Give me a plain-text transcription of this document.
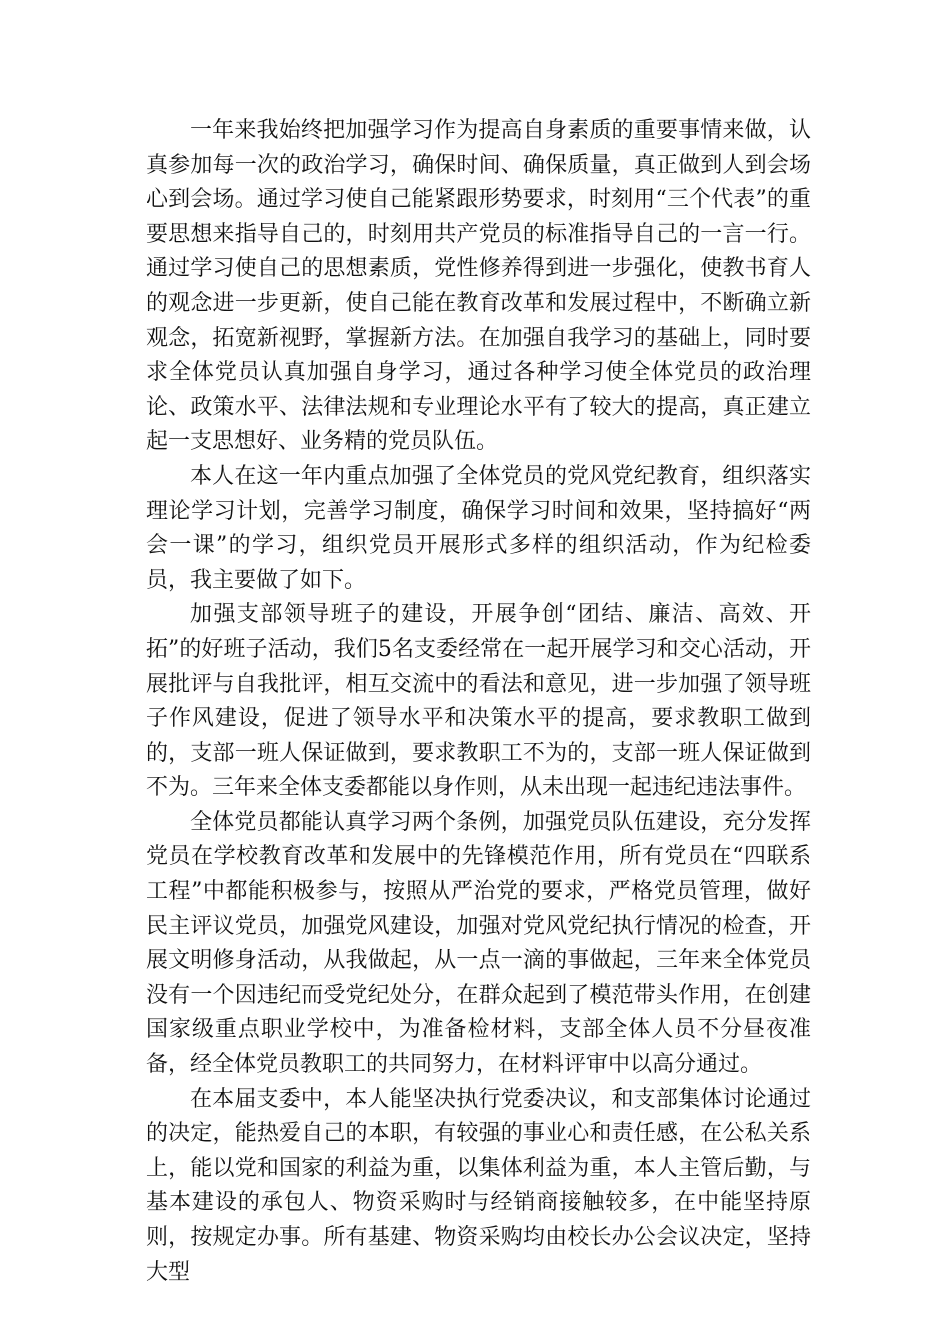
一年来我始终把加强学习作为提高自身素质的重要事情来做，认真参加每一次的政治学习，确保时间、确保质量，真正做到人到会场心到会场。通过学习使自己能紧跟形势要求，时刻用“三个代表”的重要思想来指导自己的，时刻用共产党员的标准指导自己的一言一行。通过学习使自己的思想素质，党性修养得到进一步强化，使教书育人的观念进一步更新，使自己能在教育改革和发展过程中，不断确立新观念，拓宽新视野，掌握新方法。在加强自我学习的基础上，同时要求全体党员认真加强自身学习，通过各种学习使全体党员的政治理论、政策水平、法律法规和专业理论水平有了较大的提高，真正建立起一支思想好、业务精的党员队伍。

本人在这一年内重点加强了全体党员的党风党纪教育，组织落实理论学习计划，完善学习制度，确保学习时间和效果，坚持搞好“两会一课”的学习，组织党员开展形式多样的组织活动，作为纪检委员，我主要做了如下。

加强支部领导班子的建设，开展争创“团结、廉洁、高效、开拓”的好班子活动，我们5名支委经常在一起开展学习和交心活动，开展批评与自我批评，相互交流中的看法和意见，进一步加强了领导班子作风建设，促进了领导水平和决策水平的提高，要求教职工做到的，支部一班人保证做到，要求教职工不为的，支部一班人保证做到不为。三年来全体支委都能以身作则，从未出现一起违纪违法事件。

全体党员都能认真学习两个条例，加强党员队伍建设，充分发挥党员在学校教育改革和发展中的先锋模范作用，所有党员在“四联系工程”中都能积极参与，按照从严治党的要求，严格党员管理，做好民主评议党员，加强党风建设，加强对党风党纪执行情况的检查，开展文明修身活动，从我做起，从一点一滴的事做起，三年来全体党员没有一个因违纪而受党纪处分，在群众起到了模范带头作用，在创建国家级重点职业学校中，为准备检材料，支部全体人员不分昼夜准备，经全体党员教职工的共同努力，在材料评审中以高分通过。

在本届支委中，本人能坚决执行党委决议，和支部集体讨论通过的决定，能热爱自己的本职，有较强的事业心和责任感，在公私关系上，能以党和国家的利益为重，以集体利益为重，本人主管后勤，与基本建设的承包人、物资采购时与经销商接触较多，在中能坚持原则，按规定办事。所有基建、物资采购均由校长办公会议决定，坚持大型
